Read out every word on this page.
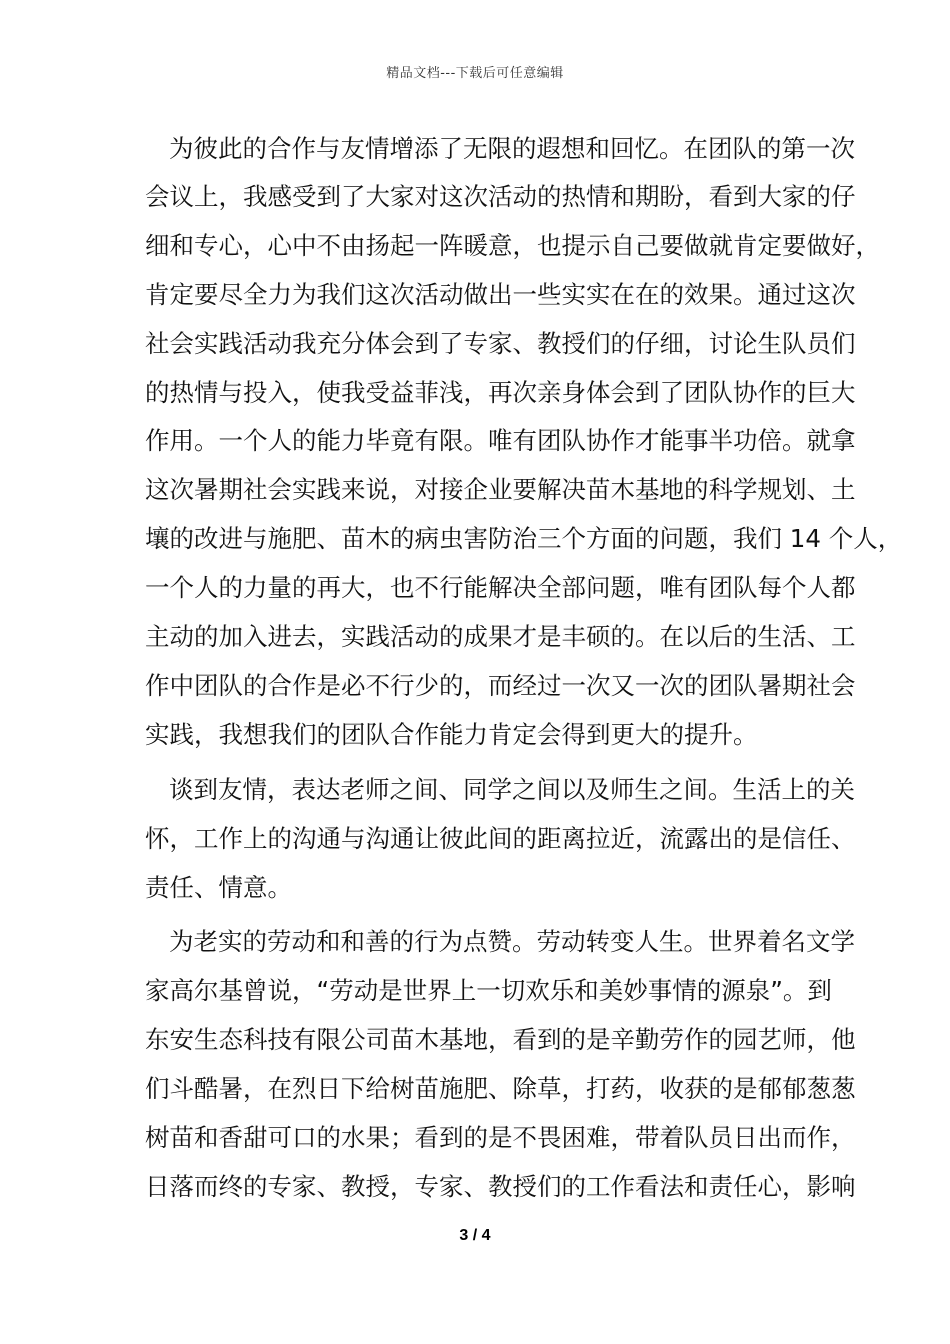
精品文档---下载后可任意编辑
为彼此的合作与友情增添了无限的遐想和回忆。在团队的第一次
会议上，我感受到了大家对这次活动的热情和期盼，看到大家的仔
细和专心，心中不由扬起一阵暖意，也提示自己要做就肯定要做好，
肯定要尽全力为我们这次活动做出一些实实在在的效果。通过这次
社会实践活动我充分体会到了专家、教授们的仔细，讨论生队员们
的热情与投入，使我受益菲浅，再次亲身体会到了团队协作的巨大
作用。一个人的能力毕竟有限。唯有团队协作才能事半功倍。就拿
这次暑期社会实践来说，对接企业要解决苗木基地的科学规划、土
壤的改进与施肥、苗木的病虫害防治三个方面的问题，我们 14 个人，
一个人的力量的再大，也不行能解决全部问题，唯有团队每个人都
主动的加入进去，实践活动的成果才是丰硕的。在以后的生活、工
作中团队的合作是必不行少的，而经过一次又一次的团队暑期社会
实践，我想我们的团队合作能力肯定会得到更大的提升。
谈到友情，表达老师之间、同学之间以及师生之间。生活上的关
怀，工作上的沟通与沟通让彼此间的距离拉近，流露出的是信任、
责任、情意。
为老实的劳动和和善的行为点赞。劳动转变人生。世界着名文学
家高尔基曾说，“劳动是世界上一切欢乐和美妙事情的源泉”。到
东安生态科技有限公司苗木基地，看到的是辛勤劳作的园艺师，他
们斗酷暑，在烈日下给树苗施肥、除草，打药，收获的是郁郁葱葱
树苗和香甜可口的水果；看到的是不畏困难，带着队员日出而作，
日落而终的专家、教授，专家、教授们的工作看法和责任心，影响
3 / 4
